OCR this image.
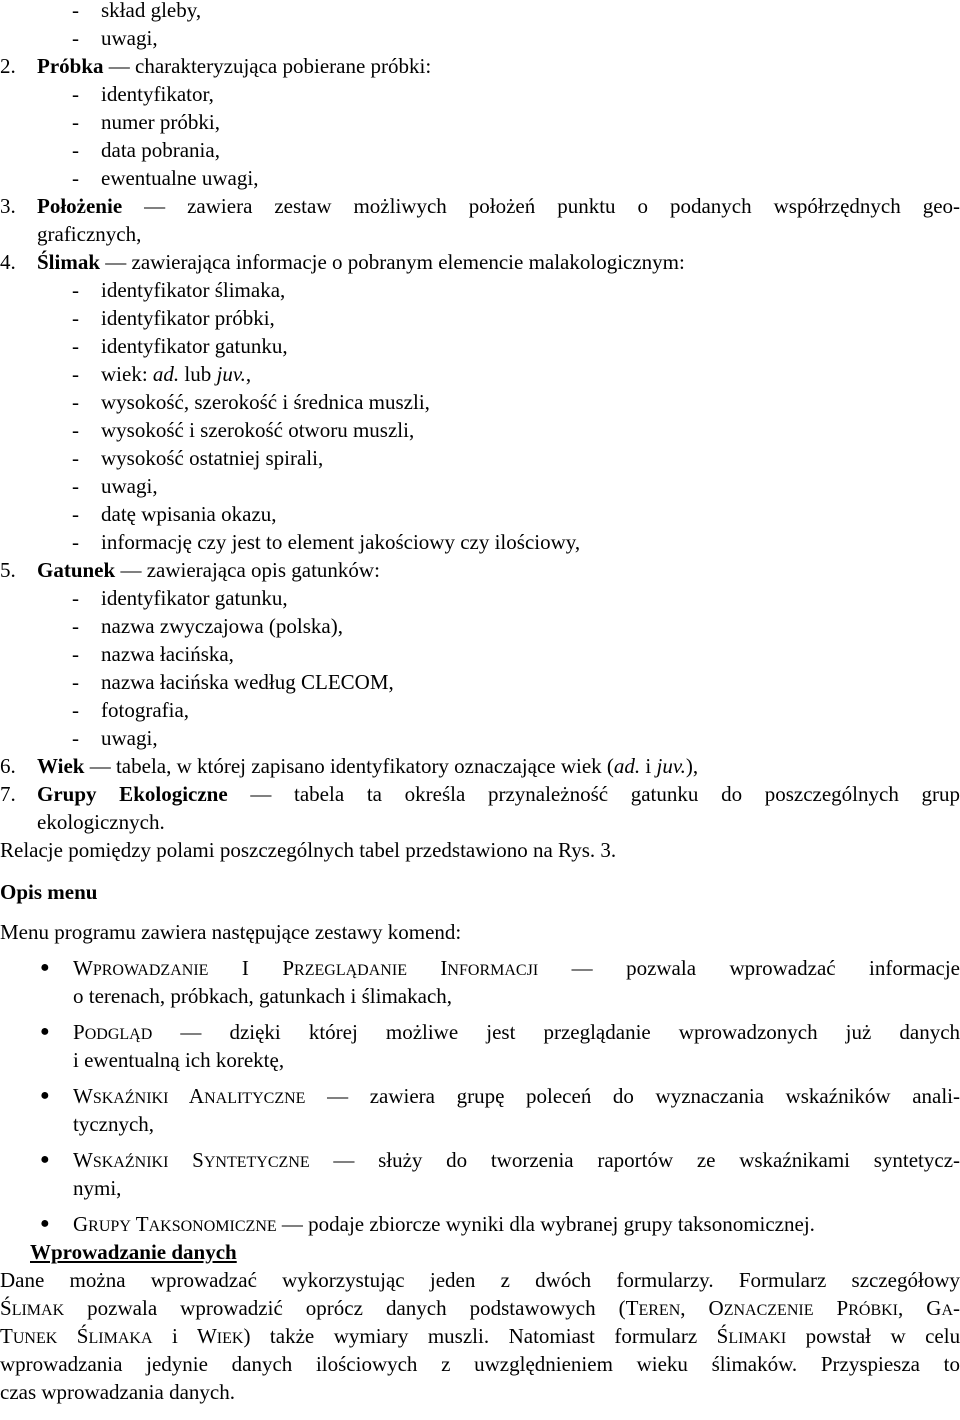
- skład gleby,
- uwagi,
2. Próbka — charakteryzująca pobierane próbki:
- identyfikator,
- numer próbki,
- data pobrania,
- ewentualne uwagi,
3. Położenie — zawiera zestaw możliwych położeń punktu o podanych współrzędnych geo-
graficznych,
4. Ślimak — zawierająca informacje o pobranym elemencie malakologicznym:
- identyfikator ślimaka,
- identyfikator próbki,
- identyfikator gatunku,
- wiek: ad. lub juv.,
- wysokość, szerokość i średnica muszli,
- wysokość i szerokość otworu muszli,
- wysokość ostatniej spirali,
- uwagi,
- datę wpisania okazu,
- informację czy jest to element jakościowy czy ilościowy,
5. Gatunek — zawierająca opis gatunków:
- identyfikator gatunku,
- nazwa zwyczajowa (polska),
- nazwa łacińska,
- nazwa łacińska według CLECOM,
- fotografia,
- uwagi,
6. Wiek — tabela, w której zapisano identyfikatory oznaczające wiek (ad. i juv.),
7. Grupy Ekologiczne — tabela ta określa przynależność gatunku do poszczególnych grup
ekologicznych.
Relacje pomiędzy polami poszczególnych tabel przedstawiono na Rys. 3.
Opis menu
Menu programu zawiera następujące zestawy komend:
● WPROWADZANIE I PRZEGLĄDANIE INFORMACJI — pozwala wprowadzać informacje
o terenach, próbkach, gatunkach i ślimakach,
● PODGLĄD — dzięki której możliwe jest przeglądanie wprowadzonych już danych
i ewentualną ich korektę,
● WSKAŹNIKI ANALITYCZNE — zawiera grupę poleceń do wyznaczania wskaźników anali-
tycznych,
● WSKAŹNIKI SYNTETYCZNE — służy do tworzenia raportów ze wskaźnikami syntetycz-
nymi,
● GRUPY TAKSONOMICZNE — podaje zbiorcze wyniki dla wybranej grupy taksonomicznej.
Wprowadzanie danych
Dane można wprowadzać wykorzystując jeden z dwóch formularzy. Formularz szczegółowy
ŚLIMAK pozwala wprowadzić oprócz danych podstawowych (TEREN, OZNACZENIE PRÓBKI, GA-
TUNEK ŚLIMAKA i WIEK) także wymiary muszli. Natomiast formularz ŚLIMAKI powstał w celu
wprowadzania jedynie danych ilościowych z uwzględnieniem wieku ślimaków. Przyspiesza to
czas wprowadzania danych.
